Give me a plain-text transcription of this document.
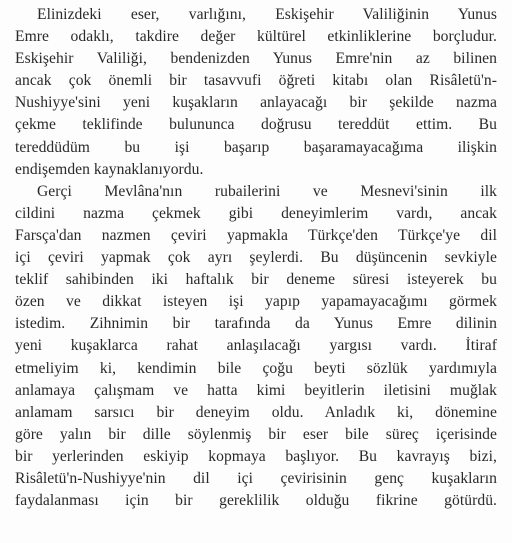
Elinizdeki eser, varlığını, Eskişehir Valiliğinin Yunus
Emre odaklı, takdire değer kültürel etkinliklerine borçludur.
Eskişehir Valiliği, bendenizden Yunus Emre'nin az bilinen
ancak çok önemli bir tasavvufi öğreti kitabı olan Risâletü'n-
Nushiyye'sini yeni kuşakların anlayacağı bir şekilde nazma
çekme teklifinde bulununca doğrusu tereddüt ettim. Bu
tereddüdüm bu işi başarıp başaramayacağıma ilişkin
endişemden kaynaklanıyordu.
Gerçi Mevlâna'nın rubailerini ve Mesnevi'sinin ilk
cildini nazma çekmek gibi deneyimlerim vardı, ancak
Farsça'dan nazmen çeviri yapmakla Türkçe'den Türkçe'ye dil
içi çeviri yapmak çok ayrı şeylerdi. Bu düşüncenin sevkiyle
teklif sahibinden iki haftalık bir deneme süresi isteyerek bu
özen ve dikkat isteyen işi yapıp yapamayacağımı görmek
istedim. Zihnimin bir tarafında da Yunus Emre dilinin
yeni kuşaklarca rahat anlaşılacağı yargısı vardı. İtiraf
etmeliyim ki, kendimin bile çoğu beyti sözlük yardımıyla
anlamaya çalışmam ve hatta kimi beyitlerin iletisini muğlak
anlamam sarsıcı bir deneyim oldu. Anladık ki, dönemine
göre yalın bir dille söylenmiş bir eser bile süreç içerisinde
bir yerlerinden eskiyip kopmaya başlıyor. Bu kavrayış bizi,
Risâletü'n-Nushiyye'nin dil içi çevirisinin genç kuşakların
faydalanması için bir gereklilik olduğu fikrine götürdü.
